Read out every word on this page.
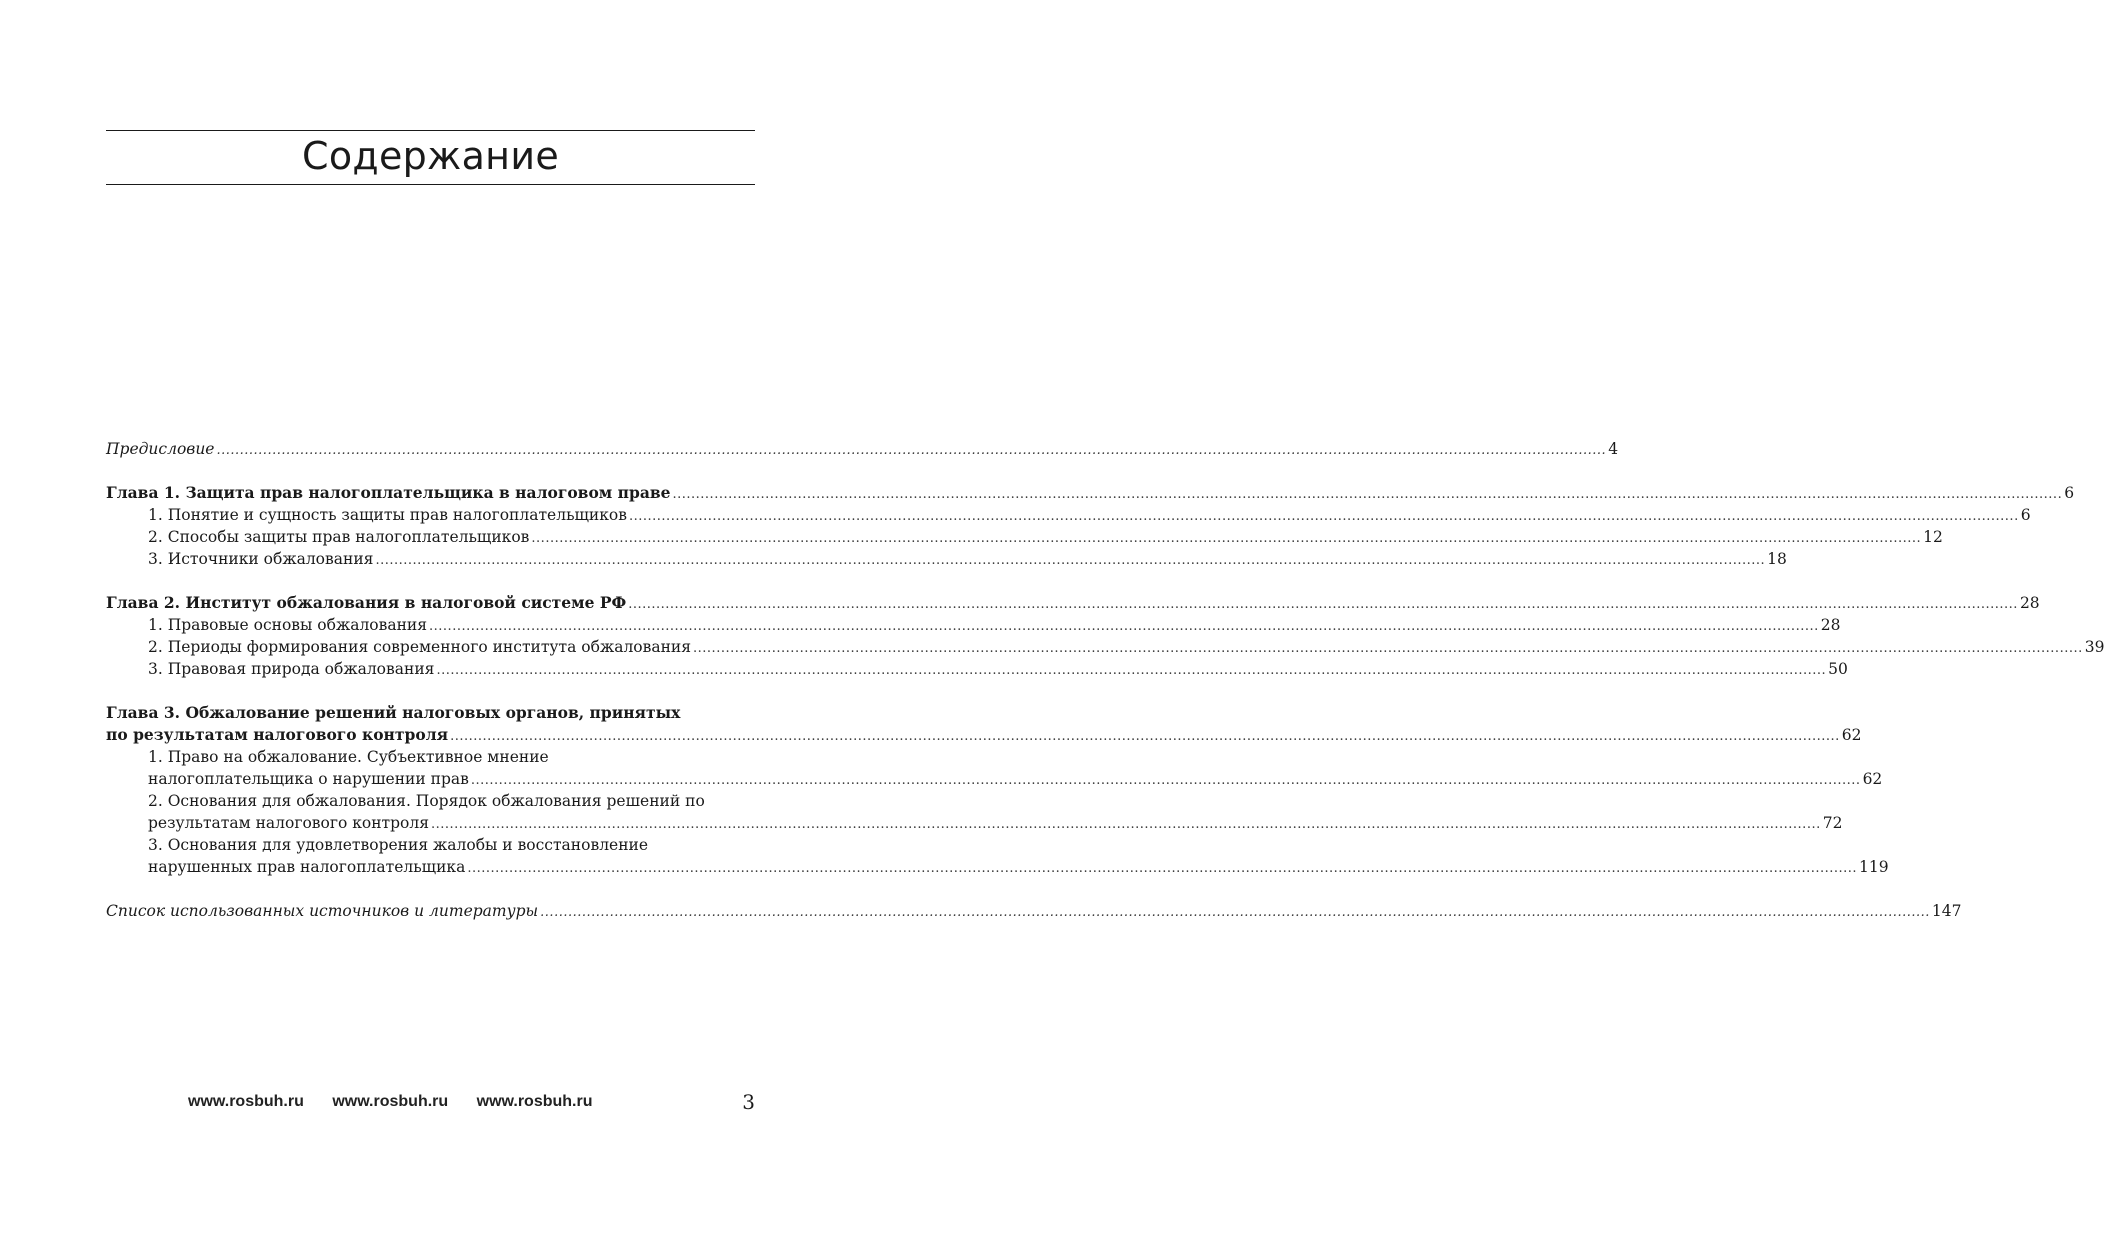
Содержание
Предисловие ............................................................................................................................................................................................................................................................................................................ 4
Глава 1. Защита прав налогоплательщика в налоговом праве ............................................................................................................................................................................................................................................................................................................ 6
1. Понятие и сущность защиты прав налогоплательщиков ............................................................................................................................................................................................................................................................................................................ 6
2. Способы защиты прав налогоплательщиков ............................................................................................................................................................................................................................................................................................................ 12
3. Источники обжалования ............................................................................................................................................................................................................................................................................................................ 18
Глава 2. Институт обжалования в налоговой системе РФ ............................................................................................................................................................................................................................................................................................................ 28
1. Правовые основы обжалования ............................................................................................................................................................................................................................................................................................................ 28
2. Периоды формирования современного института обжалования ............................................................................................................................................................................................................................................................................................................ 39
3. Правовая природа обжалования ............................................................................................................................................................................................................................................................................................................ 50
Глава 3. Обжалование решений налоговых органов, принятых
по результатам налогового контроля ............................................................................................................................................................................................................................................................................................................ 62
1. Право на обжалование. Субъективное мнение
налогоплательщика о нарушении прав ............................................................................................................................................................................................................................................................................................................ 62
2. Основания для обжалования. Порядок обжалования решений по
результатам налогового контроля ............................................................................................................................................................................................................................................................................................................ 72
3. Основания для удовлетворения жалобы и восстановление
нарушенных прав налогоплательщика ............................................................................................................................................................................................................................................................................................................ 119
Список использованных источников и литературы ............................................................................................................................................................................................................................................................................................................ 147
www.rosbuh.ru www.rosbuh.ru www.rosbuh.ru	3
